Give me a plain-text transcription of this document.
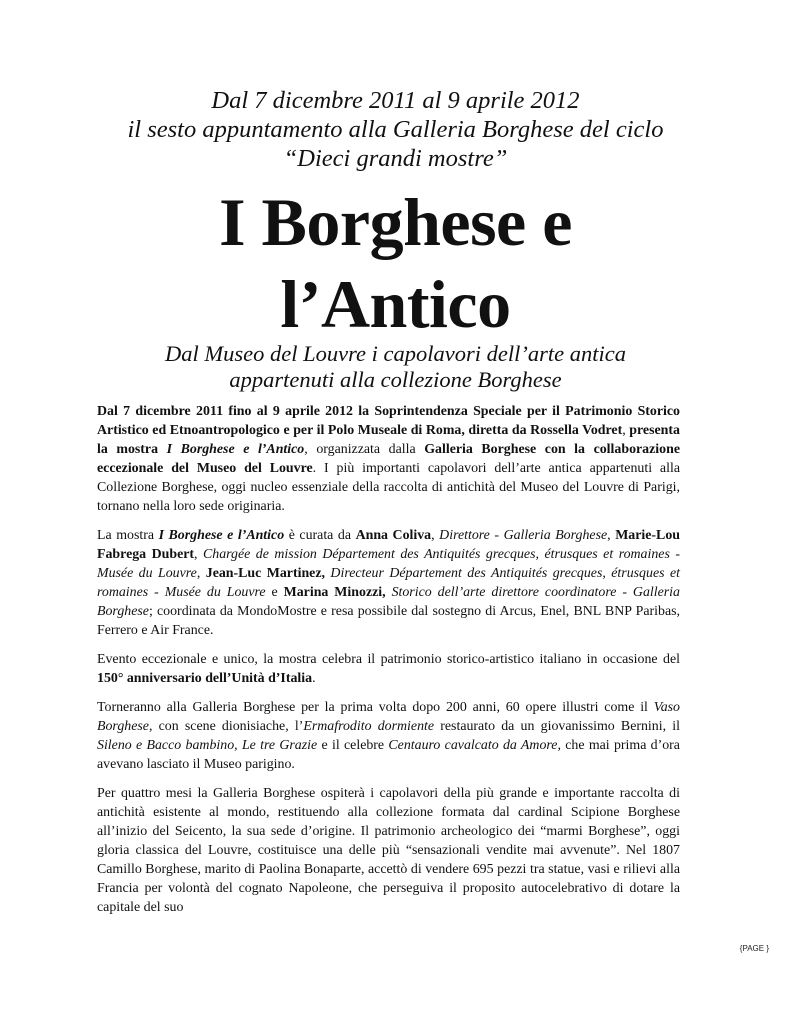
Dal 7 dicembre 2011 al 9 aprile 2012
il sesto appuntamento alla Galleria Borghese del ciclo
“Dieci grandi mostre”
I Borghese e
l’Antico
Dal Museo del Louvre i capolavori dell’arte antica
appartenuti alla collezione Borghese

Dal 7 dicembre 2011 fino al 9 aprile 2012 la Soprintendenza Speciale per il Patrimonio Storico Artistico ed Etnoantropologico e per il Polo Museale di Roma, diretta da Rossella Vodret, presenta la mostra I Borghese e l’Antico, organizzata dalla Galleria Borghese con la collaborazione eccezionale del Museo del Louvre. I più importanti capolavori dell’arte antica appartenuti alla Collezione Borghese, oggi nucleo essenziale della raccolta di antichità del Museo del Louvre di Parigi, tornano nella loro sede originaria.

La mostra I Borghese e l’Antico è curata da Anna Coliva, Direttore - Galleria Borghese, Marie-Lou Fabrega Dubert, Chargée de mission Département des Antiquités grecques, étrusques et romaines - Musée du Louvre, Jean-Luc Martinez, Directeur Département des Antiquités grecques, étrusques et romaines - Musée du Louvre e Marina Minozzi, Storico dell’arte direttore coordinatore - Galleria Borghese; coordinata da MondoMostre e resa possibile dal sostegno di Arcus, Enel, BNL BNP Paribas, Ferrero e Air France.

Evento eccezionale e unico, la mostra celebra il patrimonio storico-artistico italiano in occasione del 150° anniversario dell’Unità d’Italia.

Torneranno alla Galleria Borghese per la prima volta dopo 200 anni, 60 opere illustri come il Vaso Borghese, con scene dionisiache, l’Ermafrodito dormiente restaurato da un giovanissimo Bernini, il Sileno e Bacco bambino, Le tre Grazie e il celebre Centauro cavalcato da Amore, che mai prima d’ora avevano lasciato il Museo parigino.

Per quattro mesi la Galleria Borghese ospiterà i capolavori della più grande e importante raccolta di antichità esistente al mondo, restituendo alla collezione formata dal cardinal Scipione Borghese all’inizio del Seicento, la sua sede d’origine. Il patrimonio archeologico dei “marmi Borghese”, oggi gloria classica del Louvre, costituisce una delle più “sensazionali vendite mai avvenute”. Nel 1807 Camillo Borghese, marito di Paolina Bonaparte, accettò di vendere 695 pezzi tra statue, vasi e rilievi alla Francia per volontà del cognato Napoleone, che perseguiva il proposito autocelebrativo di dotare la capitale del suo

{PAGE }
